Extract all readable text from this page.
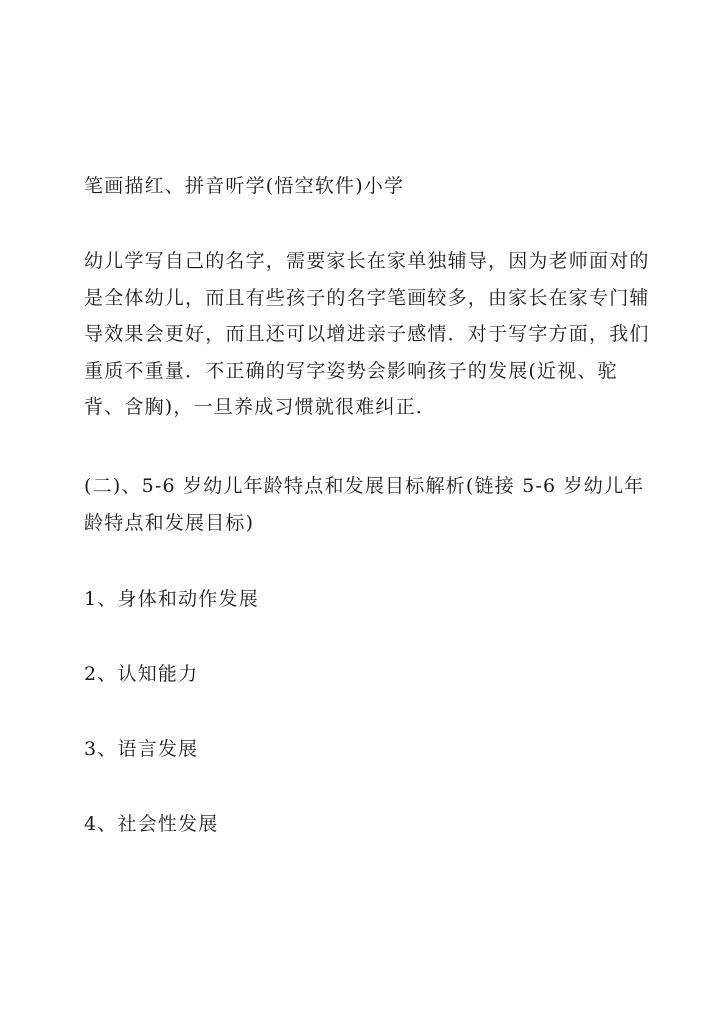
笔画描红、拼音听学(悟空软件)小学
幼儿学写自己的名字，需要家长在家单独辅导，因为老师面对的
是全体幼儿，而且有些孩子的名字笔画较多，由家长在家专门辅
导效果会更好，而且还可以增进亲子感情．对于写字方面，我们
重质不重量．不正确的写字姿势会影响孩子的发展(近视、驼
背、含胸)，一旦养成习惯就很难纠正．
(二)、5-6 岁幼儿年龄特点和发展目标解析(链接 5-6 岁幼儿年
龄特点和发展目标)
1、身体和动作发展
2、认知能力
3、语言发展
4、社会性发展
